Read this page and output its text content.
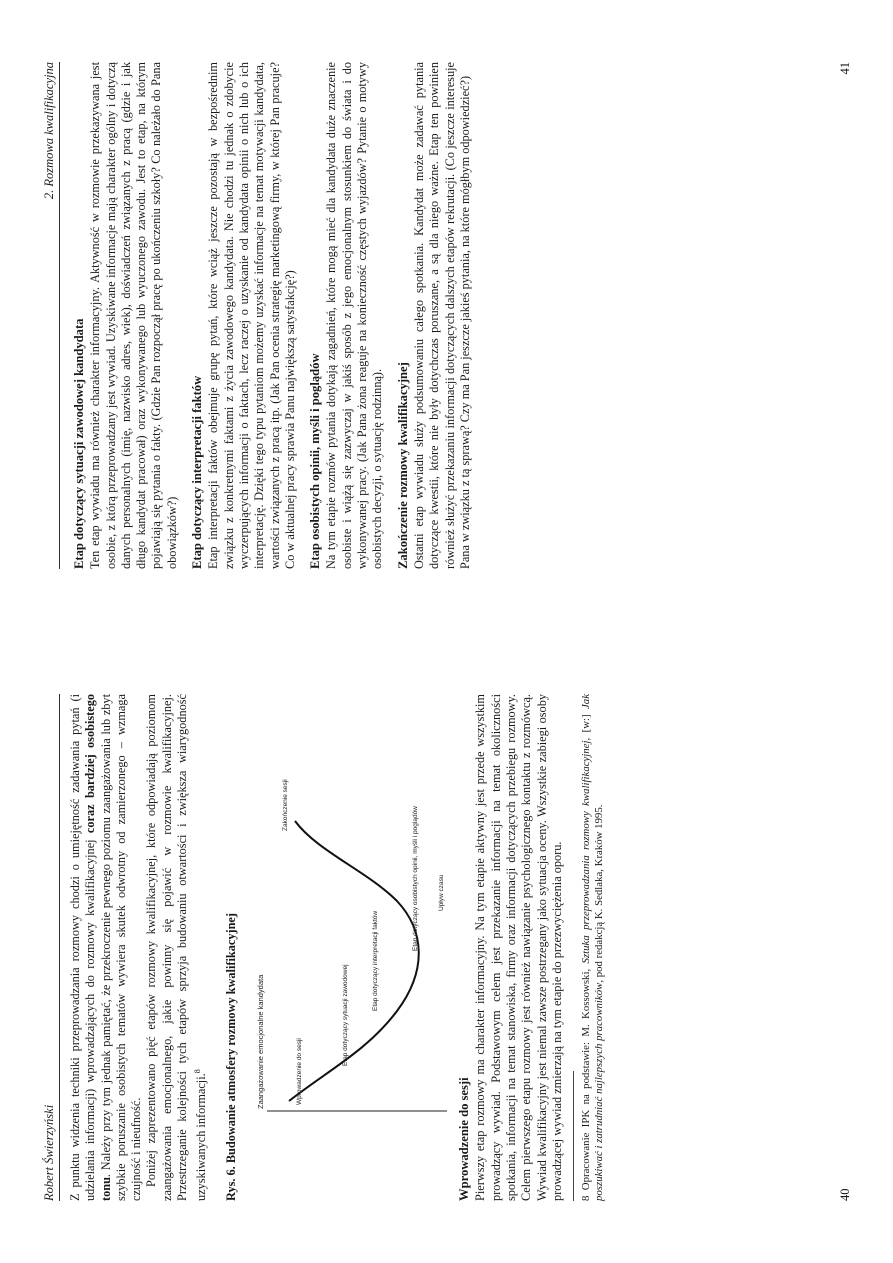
Robert Świerzyński Z punktu widzenia techniki przeprowadzania rozmowy chodzi o umiejętność zadawania pytań (i udzielania informacji) wprowadzających do rozmowy kwalifikacyjnej coraz bardziej osobistego tonu. Należy przy tym jednak pamiętać, że przekroczenie pewnego poziomu zaangażowania lub zbyt szybkie poruszanie osobistych tematów wywiera skutek odwrotny od zamierzonego – wzmaga czujność i nieufność. Poniżej zaprezentowano pięć etapów rozmowy kwalifikacyjnej, które odpowiadają poziomom zaangażowania emocjonalnego, jakie powinny się pojawić w rozmowie kwalifikacyjnej. Przestrzeganie kolejności tych etapów sprzyja budowaniu otwartości i zwiększa wiarygodność uzyskiwanych informacji.$^8$	Rys. 6. Budowanie atmosfery rozmowy kwalifikacyjnej Zaangażowanie emocjonalne kandydata	Wprowadzenie do sesji
Etap dotyczący sytuacji zawodowej
Etap dotyczący interpretacji faktów
Etap dotyczący osobistych opinii, myśli i poglądów
Zakończenie sesji
Upływ czasu
Wprowadzenie do sesji Pierwszy etap rozmowy ma charakter informacyjny. Na tym etapie aktywny jest przede wszystkim prowadzący wywiad. Podstawowym celem jest przekazanie informacji na temat okoliczności spotkania, informacji na temat stanowiska, firmy oraz informacji dotyczących przebiegu rozmowy. Celem pierwszego etapu rozmowy jest również nawiązanie psychologicznego kontaktu z rozmówcą. Wywiad kwalifikacyjny jest niemal zawsze postrzegany jako sytuacja oceny. Wszystkie zabiegi osoby prowadzącej wywiad zmierzają na tym etapie do przezwyciężenia oporu. 8 Opracowanie IPK na podstawie: M. Kossowski, Sztuka przeprowadzania rozmowy kwalifikacyjnej, [w:] Jak poszukiwać i zatrudniać najlepszych pracowników, pod redakcją K. Sedlaka, Kraków 1995.

40
2. Rozmowa kwalifikacyjna
Etap dotyczący sytuacji zawodowej kandydata Ten etap wywiadu ma również charakter informacyjny. Aktywność w rozmowie przekazywana jest osobie, z którą przeprowadzany jest wywiad. Uzyskiwane informacje mają charakter ogólny i dotyczą danych personalnych (imię, nazwisko adres, wiek), doświadczeń związanych z pracą (gdzie i jak długo kandydat pracował) oraz wykonywanego lub wyuczonego zawodu. Jest to etap, na którym pojawiają się pytania o fakty. (Gdzie Pan rozpoczął pracę po ukończeniu szkoły? Co należało do Pana obowiązków?) Etap dotyczący interpretacji faktów Etap interpretacji faktów obejmuje grupę pytań, które wciąż jeszcze pozostają w bezpośrednim związku z konkretnymi faktami z życia zawodowego kandydata. Nie chodzi tu jednak o zdobycie wyczerpujących informacji o faktach, lecz raczej o uzyskanie od kandydata opinii o nich lub o ich interpretację. Dzięki tego typu pytaniom możemy uzyskać informacje na temat motywacji kandydata, wartości związanych z pracą itp. (Jak Pan ocenia strategię marketingową firmy, w której Pan pracuje? Co w aktualnej pracy sprawia Panu największą satysfakcję?) Etap osobistych opinii, myśli i poglądów Na tym etapie rozmów pytania dotykają zagadnień, które mogą mieć dla kandydata duże znaczenie osobiste i wiążą się zazwyczaj w jakiś sposób z jego emocjonalnym stosunkiem do świata i do wykonywanej pracy. (Jak Pana żona reaguje na konieczność częstych wyjazdów? Pytanie o motywy osobistych decyzji, o sytuację rodzinną). Zakończenie rozmowy kwalifikacyjnej Ostatni etap wywiadu służy podsumowaniu całego spotkania. Kandydat może zadawać pytania dotyczące kwestii, które nie były dotychczas poruszane, a są dla niego ważne. Etap ten powinien również służyć przekazaniu informacji dotyczących dalszych etapów rekrutacji. (Co jeszcze interesuje Pana w związku z tą sprawą? Czy ma Pan jeszcze jakieś pytania, na które mógłbym odpowiedzieć?)

41
